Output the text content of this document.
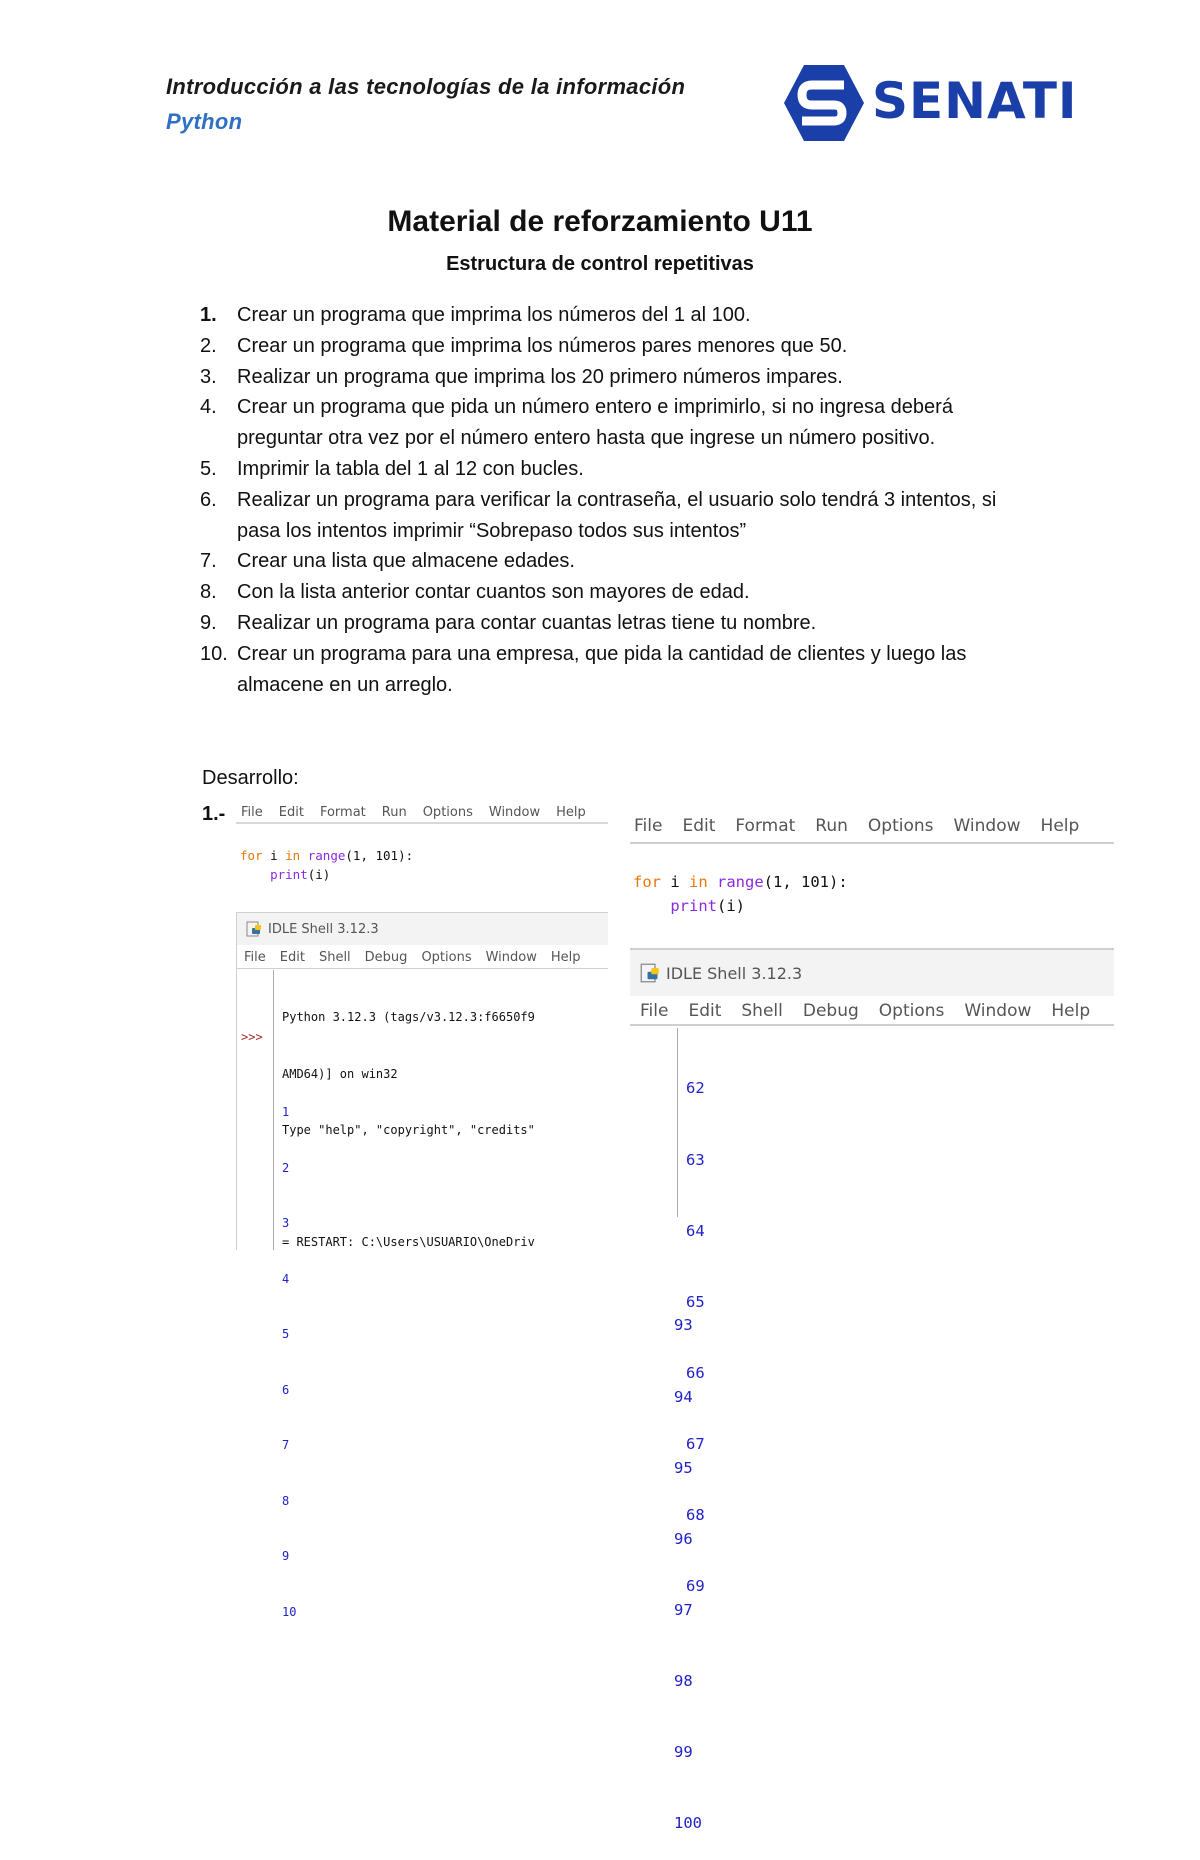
Introducción a las tecnologías de la información
Python	SENATI
Material de reforzamiento U11
Estructura de control repetitivas
1. Crear un programa que imprima los números del 1 al 100.
2. Crear un programa que imprima los números pares menores que 50.
3. Realizar un programa que imprima los 20 primero números impares.
4. Crear un programa que pida un número entero e imprimirlo, si no ingresa deberá preguntar otra vez por el número entero hasta que ingrese un número positivo.
5. Imprimir la tabla del 1 al 12 con bucles.
6. Realizar un programa para verificar la contraseña, el usuario solo tendrá 3 intentos, si pasa los intentos imprimir “Sobrepaso todos sus intentos”
7. Crear una lista que almacene edades.
8. Con la lista anterior contar cuantos son mayores de edad.
9. Realizar un programa para contar cuantas letras tiene tu nombre.
10. Crear un programa para una empresa, que pida la cantidad de clientes y luego las almacene en un arreglo.
Desarrollo:
1.- File Edit Format Run Options Window Help
for i in range(1, 101):
print(i)
IDLE Shell 3.12.3
File Edit Shell Debug Options Window Help
>>>

Python 3.12.3 (tags/v3.12.3:f6650f9

AMD64)] on win32

Type "help", "copyright", "credits"

= RESTART: C:\Users\USUARIO\OneDriv

1

2

3

4

5

6

7

8

9

10

File Edit Format Run Options Window Help
for i in range(1, 101):
print(i)
IDLE Shell 3.12.3
File Edit Shell Debug Options Window Help

62

63

64

65

66

67

68

69

93

94

95

96

97

98

99

100
